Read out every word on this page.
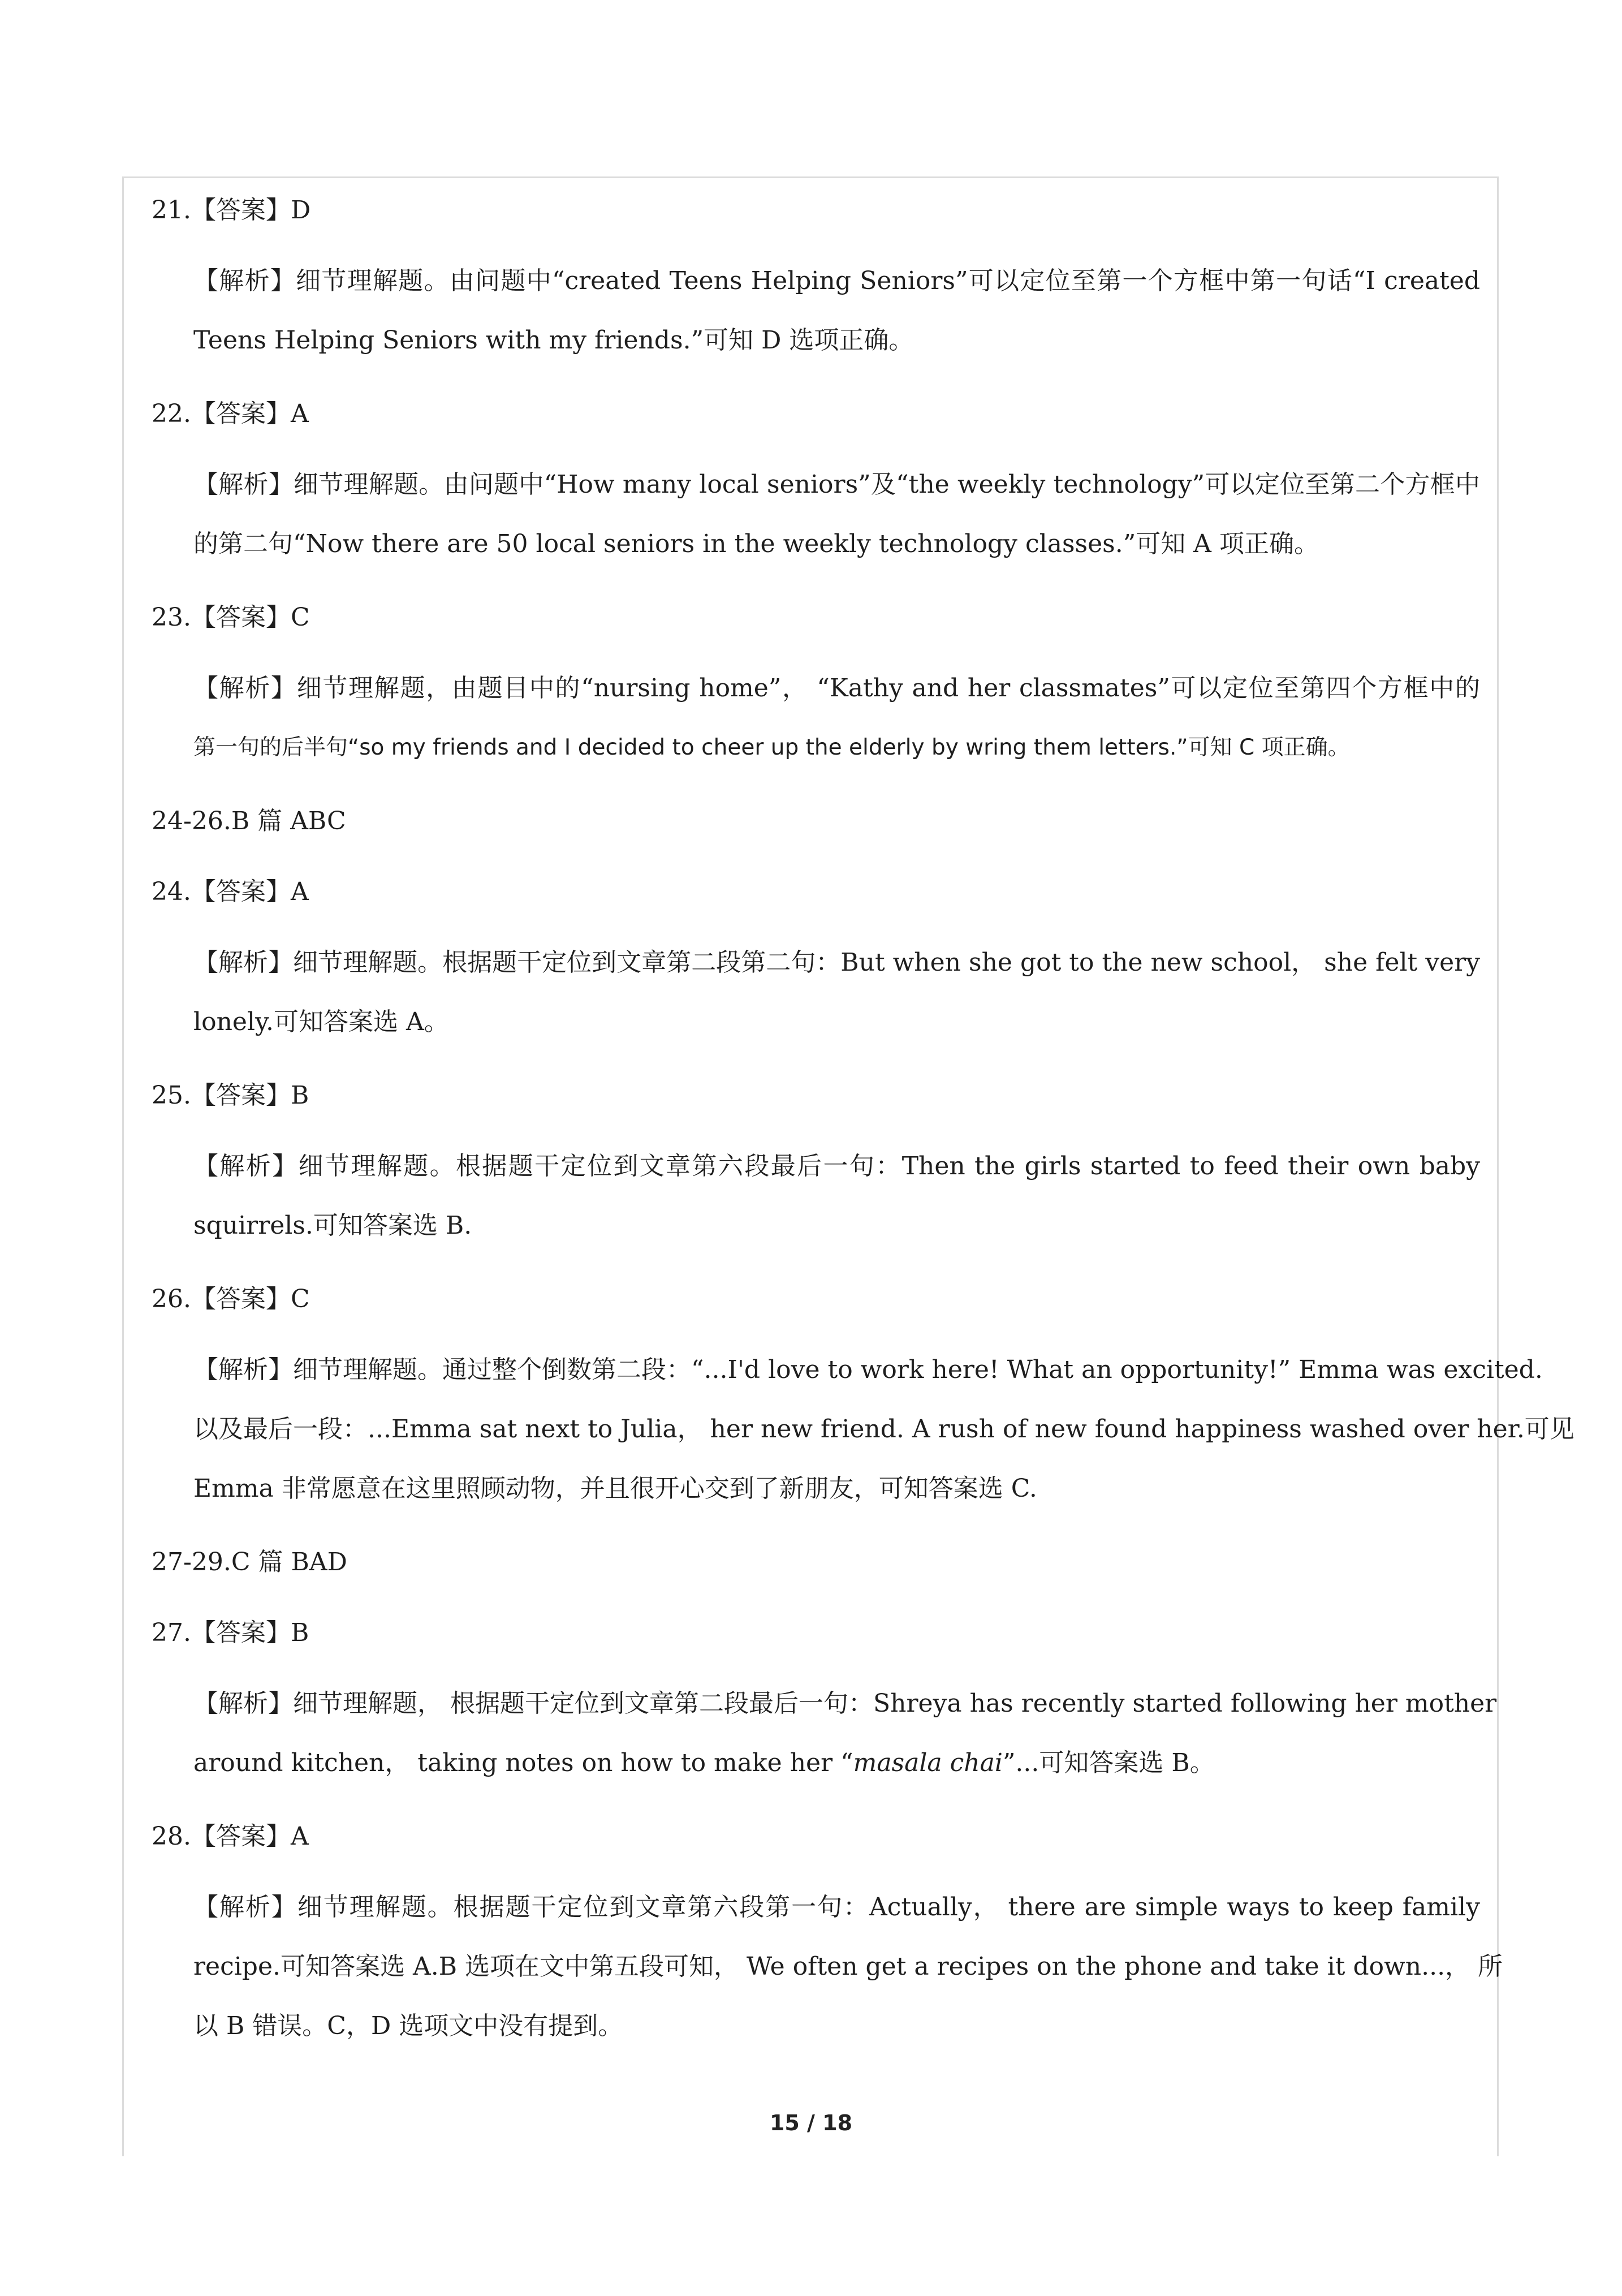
21.【答案】D
【解析】细节理解题。由问题中“created Teens Helping Seniors”可以定位至第一个方框中第一句话“I created
Teens Helping Seniors with my friends.”可知 D 选项正确。
22.【答案】A
【解析】细节理解题。由问题中“How many local seniors”及“the weekly technology”可以定位至第二个方框中
的第二句“Now there are 50 local seniors in the weekly technology classes.”可知 A 项正确。
23.【答案】C
【解析】细节理解题，由题目中的“nursing home”， “Kathy and her classmates”可以定位至第四个方框中的
第一句的后半句“so my friends and I decided to cheer up the elderly by wring them letters.”可知 C 项正确。
24-26.B 篇 ABC
24.【答案】A
【解析】细节理解题。根据题干定位到文章第二段第二句：But when she got to the new school， she felt very
lonely.可知答案选 A。
25.【答案】B
【解析】细节理解题。根据题干定位到文章第六段最后一句：Then the girls started to feed their own baby
squirrels.可知答案选 B.
26.【答案】C
【解析】细节理解题。通过整个倒数第二段：“...I'd love to work here! What an opportunity!” Emma was excited.
以及最后一段：...Emma sat next to Julia， her new friend. A rush of new found happiness washed over her.可见
Emma 非常愿意在这里照顾动物，并且很开心交到了新朋友，可知答案选 C.
27-29.C 篇 BAD
27.【答案】B
【解析】细节理解题， 根据题干定位到文章第二段最后一句：Shreya has recently started following her mother
around kitchen， taking notes on how to make her “masala chai”...可知答案选 B。
28.【答案】A
【解析】细节理解题。根据题干定位到文章第六段第一句：Actually， there are simple ways to keep family
recipe.可知答案选 A.B 选项在文中第五段可知， We often get a recipes on the phone and take it down...， 所
以 B 错误。C，D 选项文中没有提到。
15 / 18
